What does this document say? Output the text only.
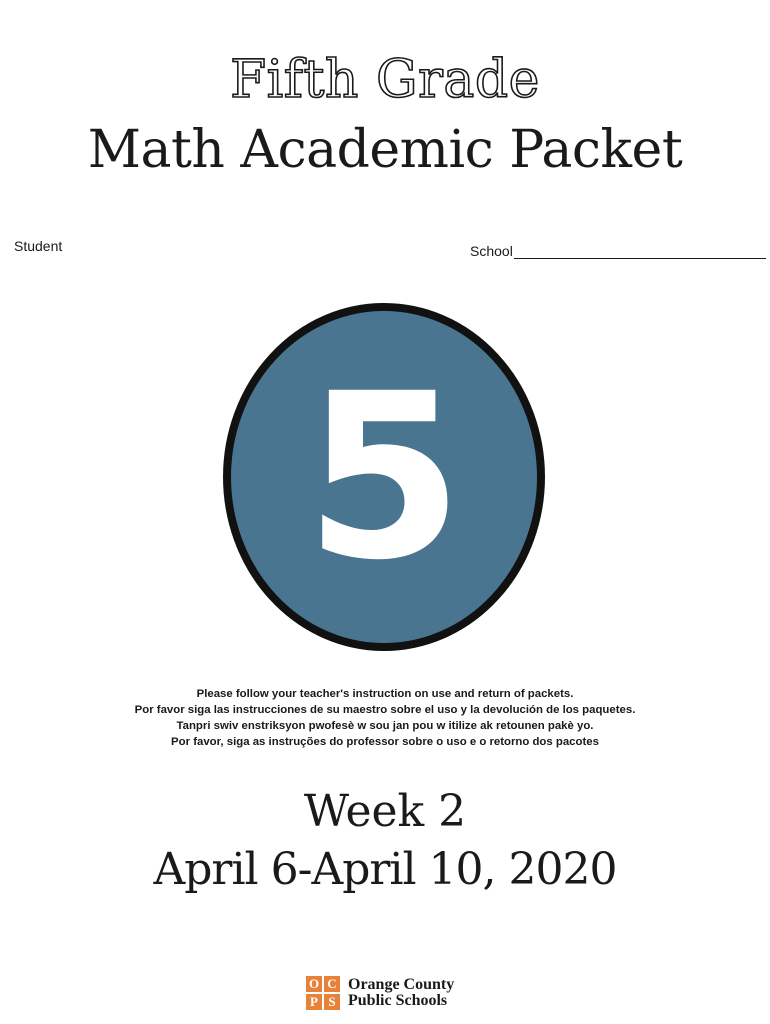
Fifth Grade
Math Academic Packet
Student	School
5
Please follow your teacher's instruction on use and return of packets.
Por favor siga las instrucciones de su maestro sobre el uso y la devolución de los paquetes.
Tanpri swiv enstriksyon pwofesè w sou jan pou w itilize ak retounen pakè yo.
Por favor, siga as instruções do professor sobre o uso e o retorno dos pacotes
Week 2
April 6-April 10, 2020
O C
P S
Orange County
Public Schools
